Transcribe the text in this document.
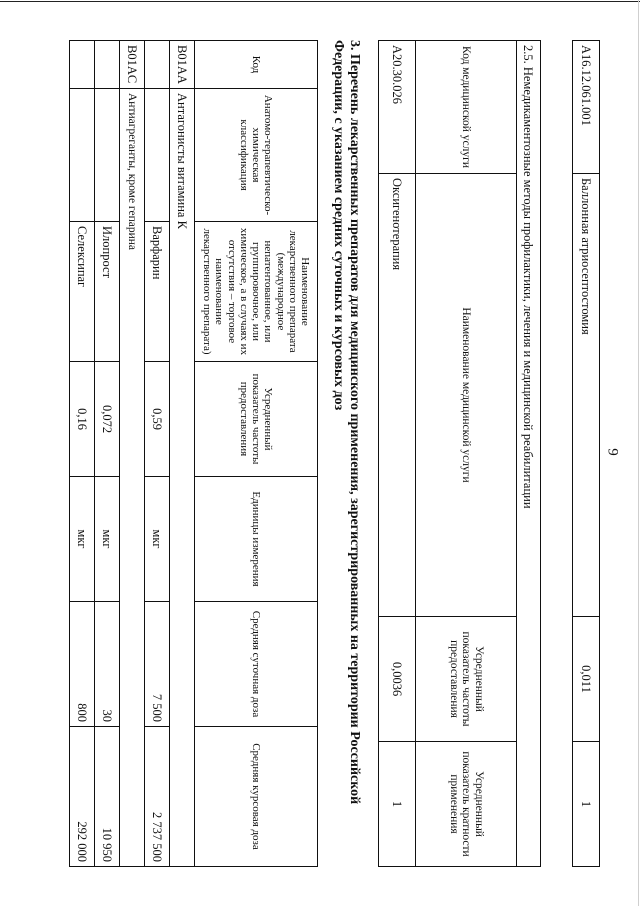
9
A16.12.061.001	Баллонная атриосептостомия	0,011	1
2.5. Немедикаментозные методы профилактики, лечения и медицинской реабилитации			
Код медицинской услуги	Наименование медицинской услуги	Усредненный показатель частоты предоставления	Усредненный показатель кратности применения
A20.30.026	Оксигенотерапия	0,0036	1
3. Перечень лекарственных препаратов для медицинского применения, зарегистрированных на территории Российской Федерации, с указанием средних суточных и курсовых доз
Код	Анатомо-терапевтическо-химическая классификация	Наименование лекарственного препарата (международное непатентованное, или группировочное, или химическое, а в случаях их отсутствия – торговое наименование лекарственного препарата)	Усредненный показатель частоты предоставления	Единицы измерения	Средняя суточная доза	Средняя курсовая доза
B01AA	Антагонисты витамина К					
		Варфарин	0,59	мкг	7 500	2 737 500
B01AC	Антиагреганты, кроме гепарина					
		Илопрост	0,072	мкг	30	10 950
		Селексипаг	0,16	мкг	800	292 000
